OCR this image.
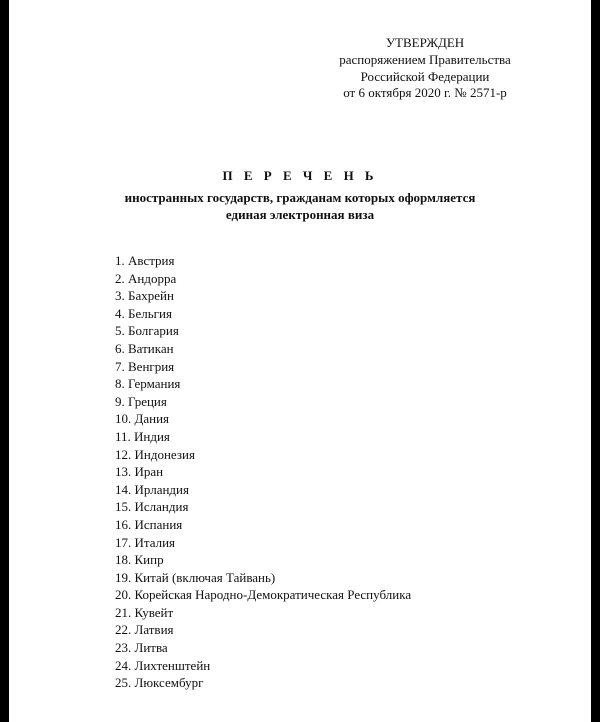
УТВЕРЖДЕН
распоряжением Правительства
Российской Федерации
от 6 октября 2020 г. № 2571-р
П Е Р Е Ч Е Н Ь
иностранных государств, гражданам которых оформляется
единая электронная виза
1. Австрия
2. Андорра
3. Бахрейн
4. Бельгия
5. Болгария
6. Ватикан
7. Венгрия
8. Германия
9. Греция
10. Дания
11. Индия
12. Индонезия
13. Иран
14. Ирландия
15. Исландия
16. Испания
17. Италия
18. Кипр
19. Китай (включая Тайвань)
20. Корейская Народно-Демократическая Республика
21. Кувейт
22. Латвия
23. Литва
24. Лихтенштейн
25. Люксембург
